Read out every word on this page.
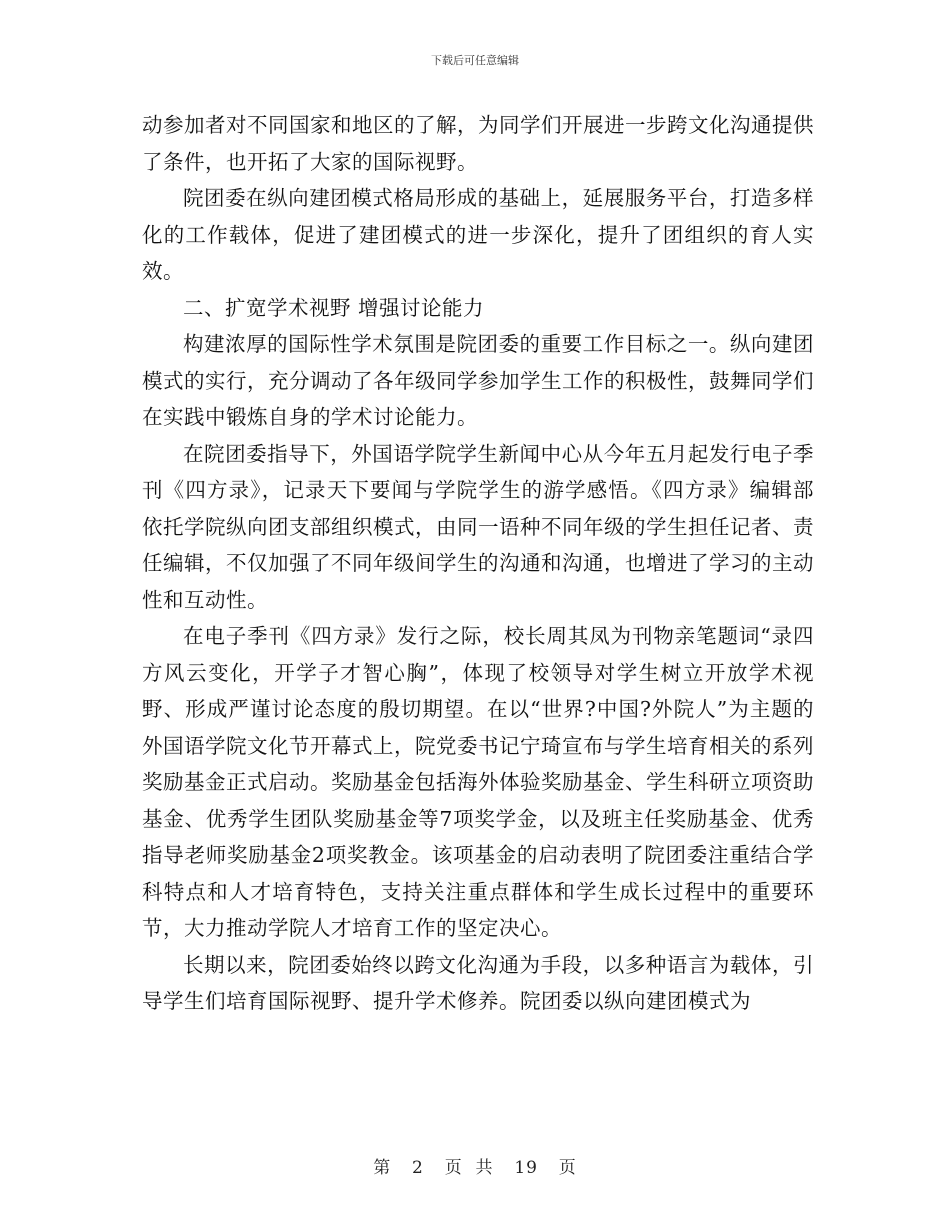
下载后可任意编辑

动参加者对不同国家和地区的了解，为同学们开展进一步跨文化沟通提供了条件，也开拓了大家的国际视野。

院团委在纵向建团模式格局形成的基础上，延展服务平台，打造多样化的工作载体，促进了建团模式的进一步深化，提升了团组织的育人实效。

二、扩宽学术视野 增强讨论能力

构建浓厚的国际性学术氛围是院团委的重要工作目标之一。纵向建团模式的实行，充分调动了各年级同学参加学生工作的积极性，鼓舞同学们在实践中锻炼自身的学术讨论能力。

在院团委指导下，外国语学院学生新闻中心从今年五月起发行电子季刊《四方录》，记录天下要闻与学院学生的游学感悟。《四方录》编辑部依托学院纵向团支部组织模式，由同一语种不同年级的学生担任记者、责任编辑，不仅加强了不同年级间学生的沟通和沟通，也增进了学习的主动性和互动性。

在电子季刊《四方录》发行之际，校长周其凤为刊物亲笔题词“录四方风云变化，开学子才智心胸”，体现了校领导对学生树立开放学术视野、形成严谨讨论态度的殷切期望。在以“世界?中国?外院人”为主题的外国语学院文化节开幕式上，院党委书记宁琦宣布与学生培育相关的系列奖励基金正式启动。奖励基金包括海外体验奖励基金、学生科研立项资助基金、优秀学生团队奖励基金等7项奖学金，以及班主任奖励基金、优秀指导老师奖励基金2项奖教金。该项基金的启动表明了院团委注重结合学科特点和人才培育特色，支持关注重点群体和学生成长过程中的重要环节，大力推动学院人才培育工作的坚定决心。

长期以来，院团委始终以跨文化沟通为手段，以多种语言为载体，引导学生们培育国际视野、提升学术修养。院团委以纵向建团模式为

第 2 页  共 19 页
